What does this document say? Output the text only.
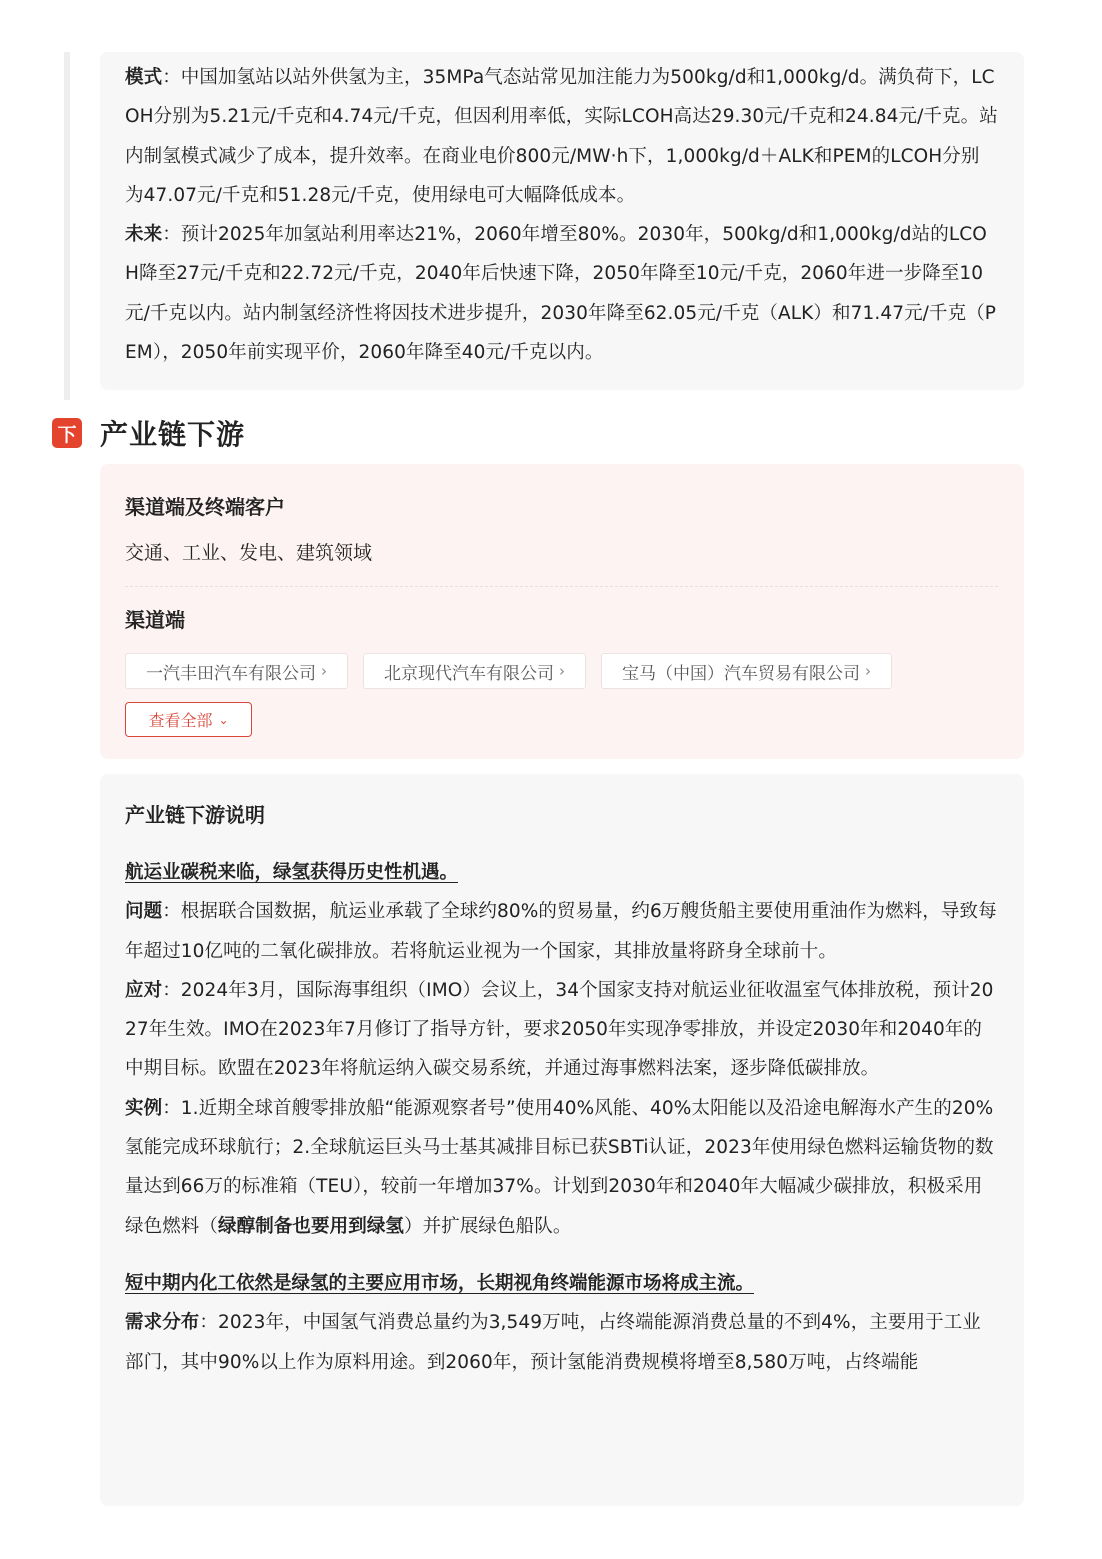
模式：中国加氢站以站外供氢为主，35MPa气态站常见加注能力为500kg/d和1,000kg/d。满负荷下，LCOH分别为5.21元/千克和4.74元/千克，但因利用率低，实际LCOH高达29.30元/千克和24.84元/千克。站内制氢模式减少了成本，提升效率。在商业电价800元/MW·h下，1,000kg/d＋ALK和PEM的LCOH分别为47.07元/千克和51.28元/千克，使用绿电可大幅降低成本。

未来：预计2025年加氢站利用率达21%，2060年增至80%。2030年，500kg/d和1,000kg/d站的LCOH降至27元/千克和22.72元/千克，2040年后快速下降，2050年降至10元/千克，2060年进一步降至10元/千克以内。站内制氢经济性将因技术进步提升，2030年降至62.05元/千克（ALK）和71.47元/千克（PEM），2050年前实现平价，2060年降至40元/千克以内。

下 产业链下游

渠道端及终端客户

交通、工业、发电、建筑领域

渠道端

一汽丰田汽车有限公司 ›	北京现代汽车有限公司 ›	宝马（中国）汽车贸易有限公司 ›
查看全部 ⌄

产业链下游说明

航运业碳税来临，绿氢获得历史性机遇。

问题：根据联合国数据，航运业承载了全球约80%的贸易量，约6万艘货船主要使用重油作为燃料，导致每年超过10亿吨的二氧化碳排放。若将航运业视为一个国家，其排放量将跻身全球前十。

应对：2024年3月，国际海事组织（IMO）会议上，34个国家支持对航运业征收温室气体排放税，预计2027年生效。IMO在2023年7月修订了指导方针，要求2050年实现净零排放，并设定2030年和2040年的中期目标。欧盟在2023年将航运纳入碳交易系统，并通过海事燃料法案，逐步降低碳排放。

实例：1.近期全球首艘零排放船“能源观察者号”使用40%风能、40%太阳能以及沿途电解海水产生的20%氢能完成环球航行；2.全球航运巨头马士基其减排目标已获SBTi认证，2023年使用绿色燃料运输货物的数量达到66万的标准箱（TEU），较前一年增加37%。计划到2030年和2040年大幅减少碳排放，积极采用绿色燃料（绿醇制备也要用到绿氢）并扩展绿色船队。

短中期内化工依然是绿氢的主要应用市场，长期视角终端能源市场将成主流。

需求分布：2023年，中国氢气消费总量约为3,549万吨，占终端能源消费总量的不到4%，主要用于工业部门，其中90%以上作为原料用途。到2060年，预计氢能消费规模将增至8,580万吨，占终端能
